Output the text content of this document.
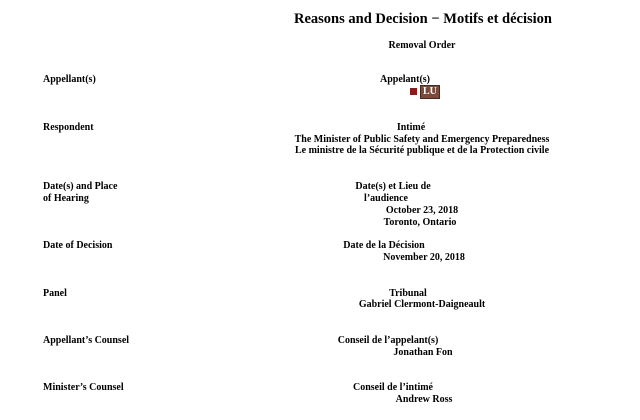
Reasons and Decision − Motifs et décision
Removal Order
Appellant(s)	Appelant(s)
LU
Respondent	Intimé
The Minister of Public Safety and Emergency Preparedness
Le ministre de la Sécurité publique et de la Protection civile
Date(s) and Place
of Hearing
Date(s) et Lieu de
l’audience
October 23, 2018
Toronto, Ontario
Date of Decision	Date de la Décision
November 20, 2018
Panel	Tribunal
Gabriel Clermont-Daigneault
Appellant’s Counsel	Conseil de l’appelant(s)
Jonathan Fon
Minister’s Counsel	Conseil de l’intimé
Andrew Ross
